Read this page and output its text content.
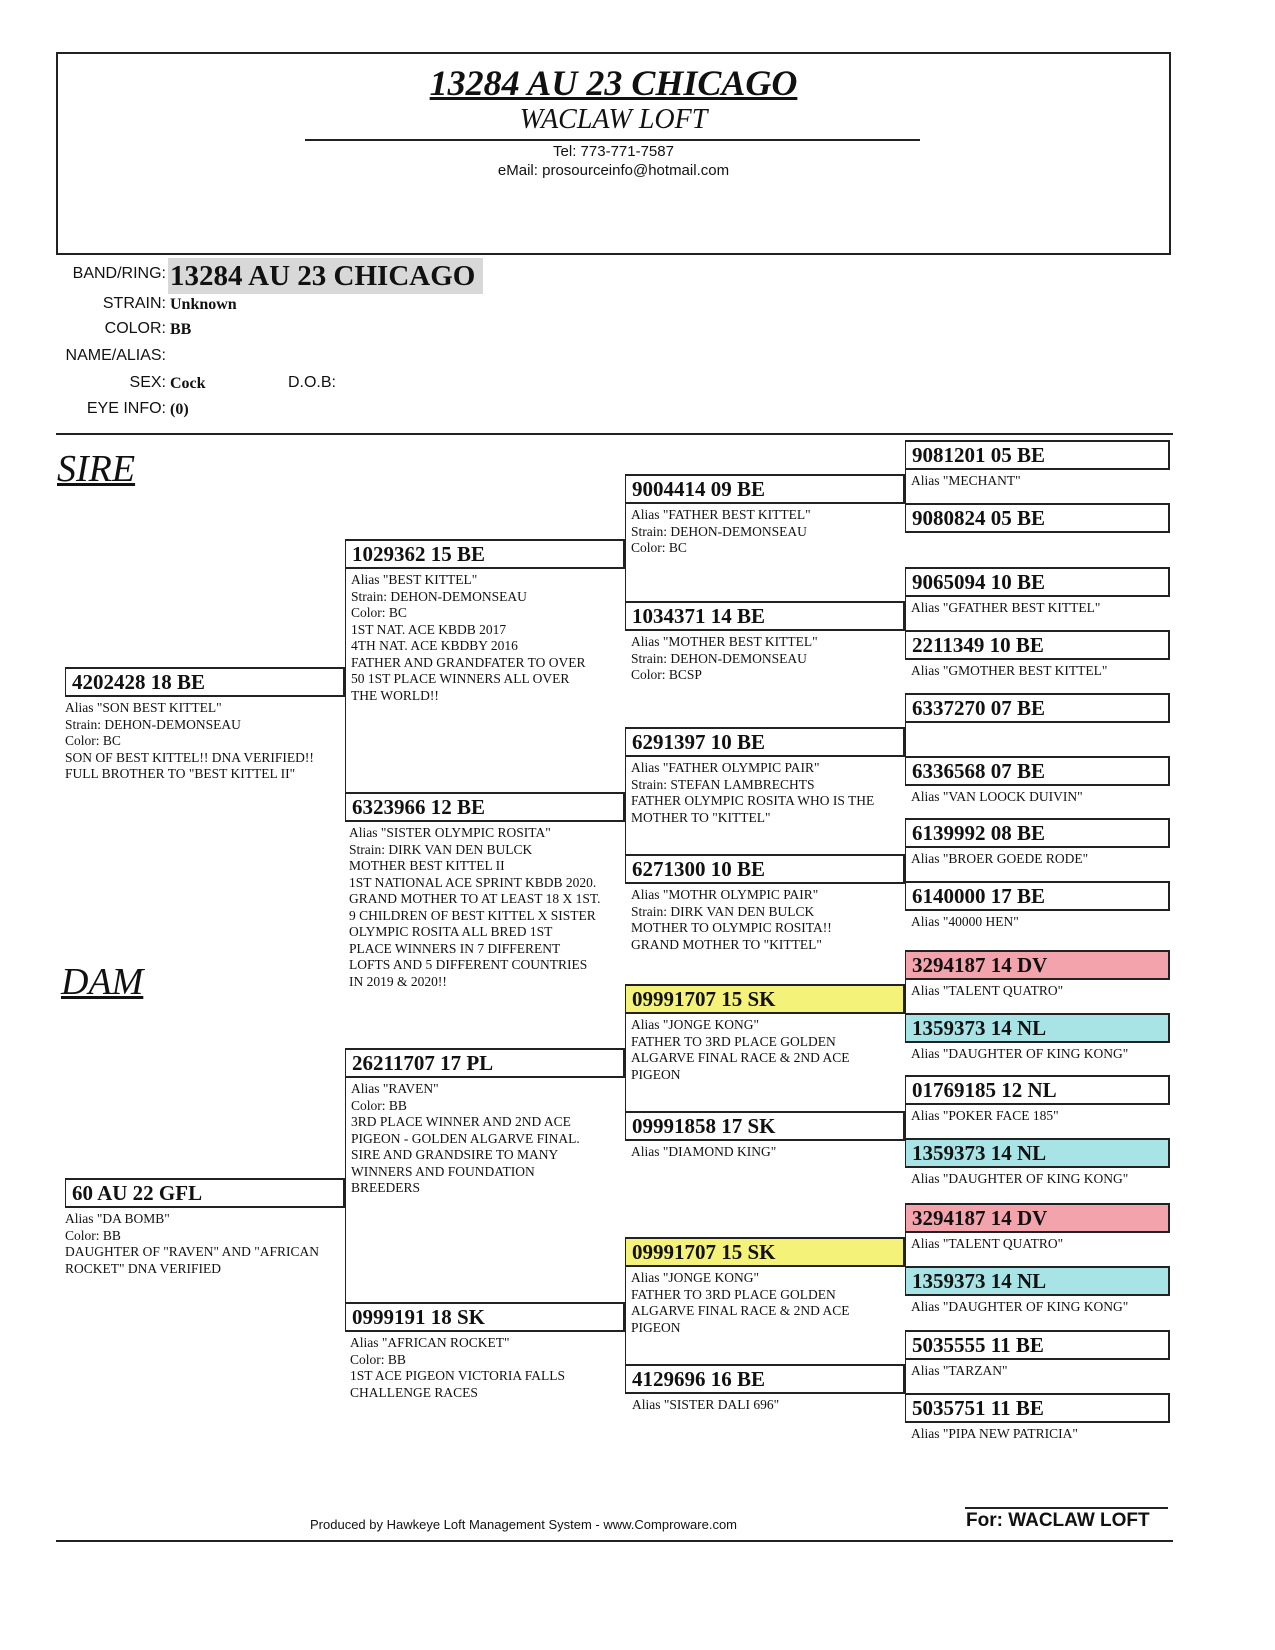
13284 AU 23 CHICAGO
WACLAW LOFT
Tel: 773-771-7587
eMail: prosourceinfo@hotmail.com
BAND/RING: 13284 AU 23 CHICAGO
STRAIN: Unknown
COLOR: BB
NAME/ALIAS:
SEX: Cock	D.O.B:
EYE INFO: (0)
SIRE
DAM
4202428 18 BE
Alias "SON BEST KITTEL"
Strain: DEHON-DEMONSEAU
Color: BC
SON OF BEST KITTEL!! DNA VERIFIED!!
FULL BROTHER TO "BEST KITTEL II"
60 AU 22 GFL
Alias "DA BOMB"
Color: BB
DAUGHTER OF "RAVEN" AND "AFRICAN
ROCKET" DNA VERIFIED
1029362 15 BE
Alias "BEST KITTEL"
Strain: DEHON-DEMONSEAU
Color: BC
1ST NAT. ACE KBDB 2017
4TH NAT. ACE KBDBY 2016
FATHER AND GRANDFATER TO OVER
50 1ST PLACE WINNERS ALL OVER
THE WORLD!!
6323966 12 BE
Alias "SISTER OLYMPIC ROSITA"
Strain: DIRK VAN DEN BULCK
MOTHER BEST KITTEL II
1ST NATIONAL ACE SPRINT KBDB 2020.
GRAND MOTHER TO AT LEAST 18 X 1ST.
9 CHILDREN OF BEST KITTEL X SISTER
OLYMPIC ROSITA ALL BRED 1ST
PLACE WINNERS IN 7 DIFFERENT
LOFTS AND 5 DIFFERENT COUNTRIES
IN 2019 & 2020!!
26211707 17 PL
Alias "RAVEN"
Color: BB
3RD PLACE WINNER AND 2ND ACE
PIGEON - GOLDEN ALGARVE FINAL.
SIRE AND GRANDSIRE TO MANY
WINNERS AND FOUNDATION
BREEDERS
0999191 18 SK
Alias "AFRICAN ROCKET"
Color: BB
1ST ACE PIGEON VICTORIA FALLS
CHALLENGE RACES
9004414 09 BE
Alias "FATHER BEST KITTEL"
Strain: DEHON-DEMONSEAU
Color: BC
1034371 14 BE
Alias "MOTHER BEST KITTEL"
Strain: DEHON-DEMONSEAU
Color: BCSP
6291397 10 BE
Alias "FATHER OLYMPIC PAIR"
Strain: STEFAN LAMBRECHTS
FATHER OLYMPIC ROSITA WHO IS THE
MOTHER TO "KITTEL"
6271300 10 BE
Alias "MOTHR OLYMPIC PAIR"
Strain: DIRK VAN DEN BULCK
MOTHER TO OLYMPIC ROSITA!!
GRAND MOTHER TO "KITTEL"
09991707 15 SK
Alias "JONGE KONG"
FATHER TO 3RD PLACE GOLDEN
ALGARVE FINAL RACE & 2ND ACE
PIGEON
09991858 17 SK
Alias "DIAMOND KING"
09991707 15 SK
Alias "JONGE KONG"
FATHER TO 3RD PLACE GOLDEN
ALGARVE FINAL RACE & 2ND ACE
PIGEON
4129696 16 BE
Alias "SISTER DALI 696"
9081201 05 BE
Alias "MECHANT"
9080824 05 BE
9065094 10 BE
Alias "GFATHER BEST KITTEL"
2211349 10 BE
Alias "GMOTHER BEST KITTEL"
6337270 07 BE
6336568 07 BE
Alias "VAN LOOCK DUIVIN"
6139992 08 BE
Alias "BROER GOEDE RODE"
6140000 17 BE
Alias "40000 HEN"
3294187 14 DV
Alias "TALENT QUATRO"
1359373 14 NL
Alias "DAUGHTER OF KING KONG"
01769185 12 NL
Alias "POKER FACE 185"
1359373 14 NL
Alias "DAUGHTER OF KING KONG"
3294187 14 DV
Alias "TALENT QUATRO"
1359373 14 NL
Alias "DAUGHTER OF KING KONG"
5035555 11 BE
Alias "TARZAN"
5035751 11 BE
Alias "PIPA NEW PATRICIA"
Produced by Hawkeye Loft Management System - www.Comproware.com	For: WACLAW LOFT
